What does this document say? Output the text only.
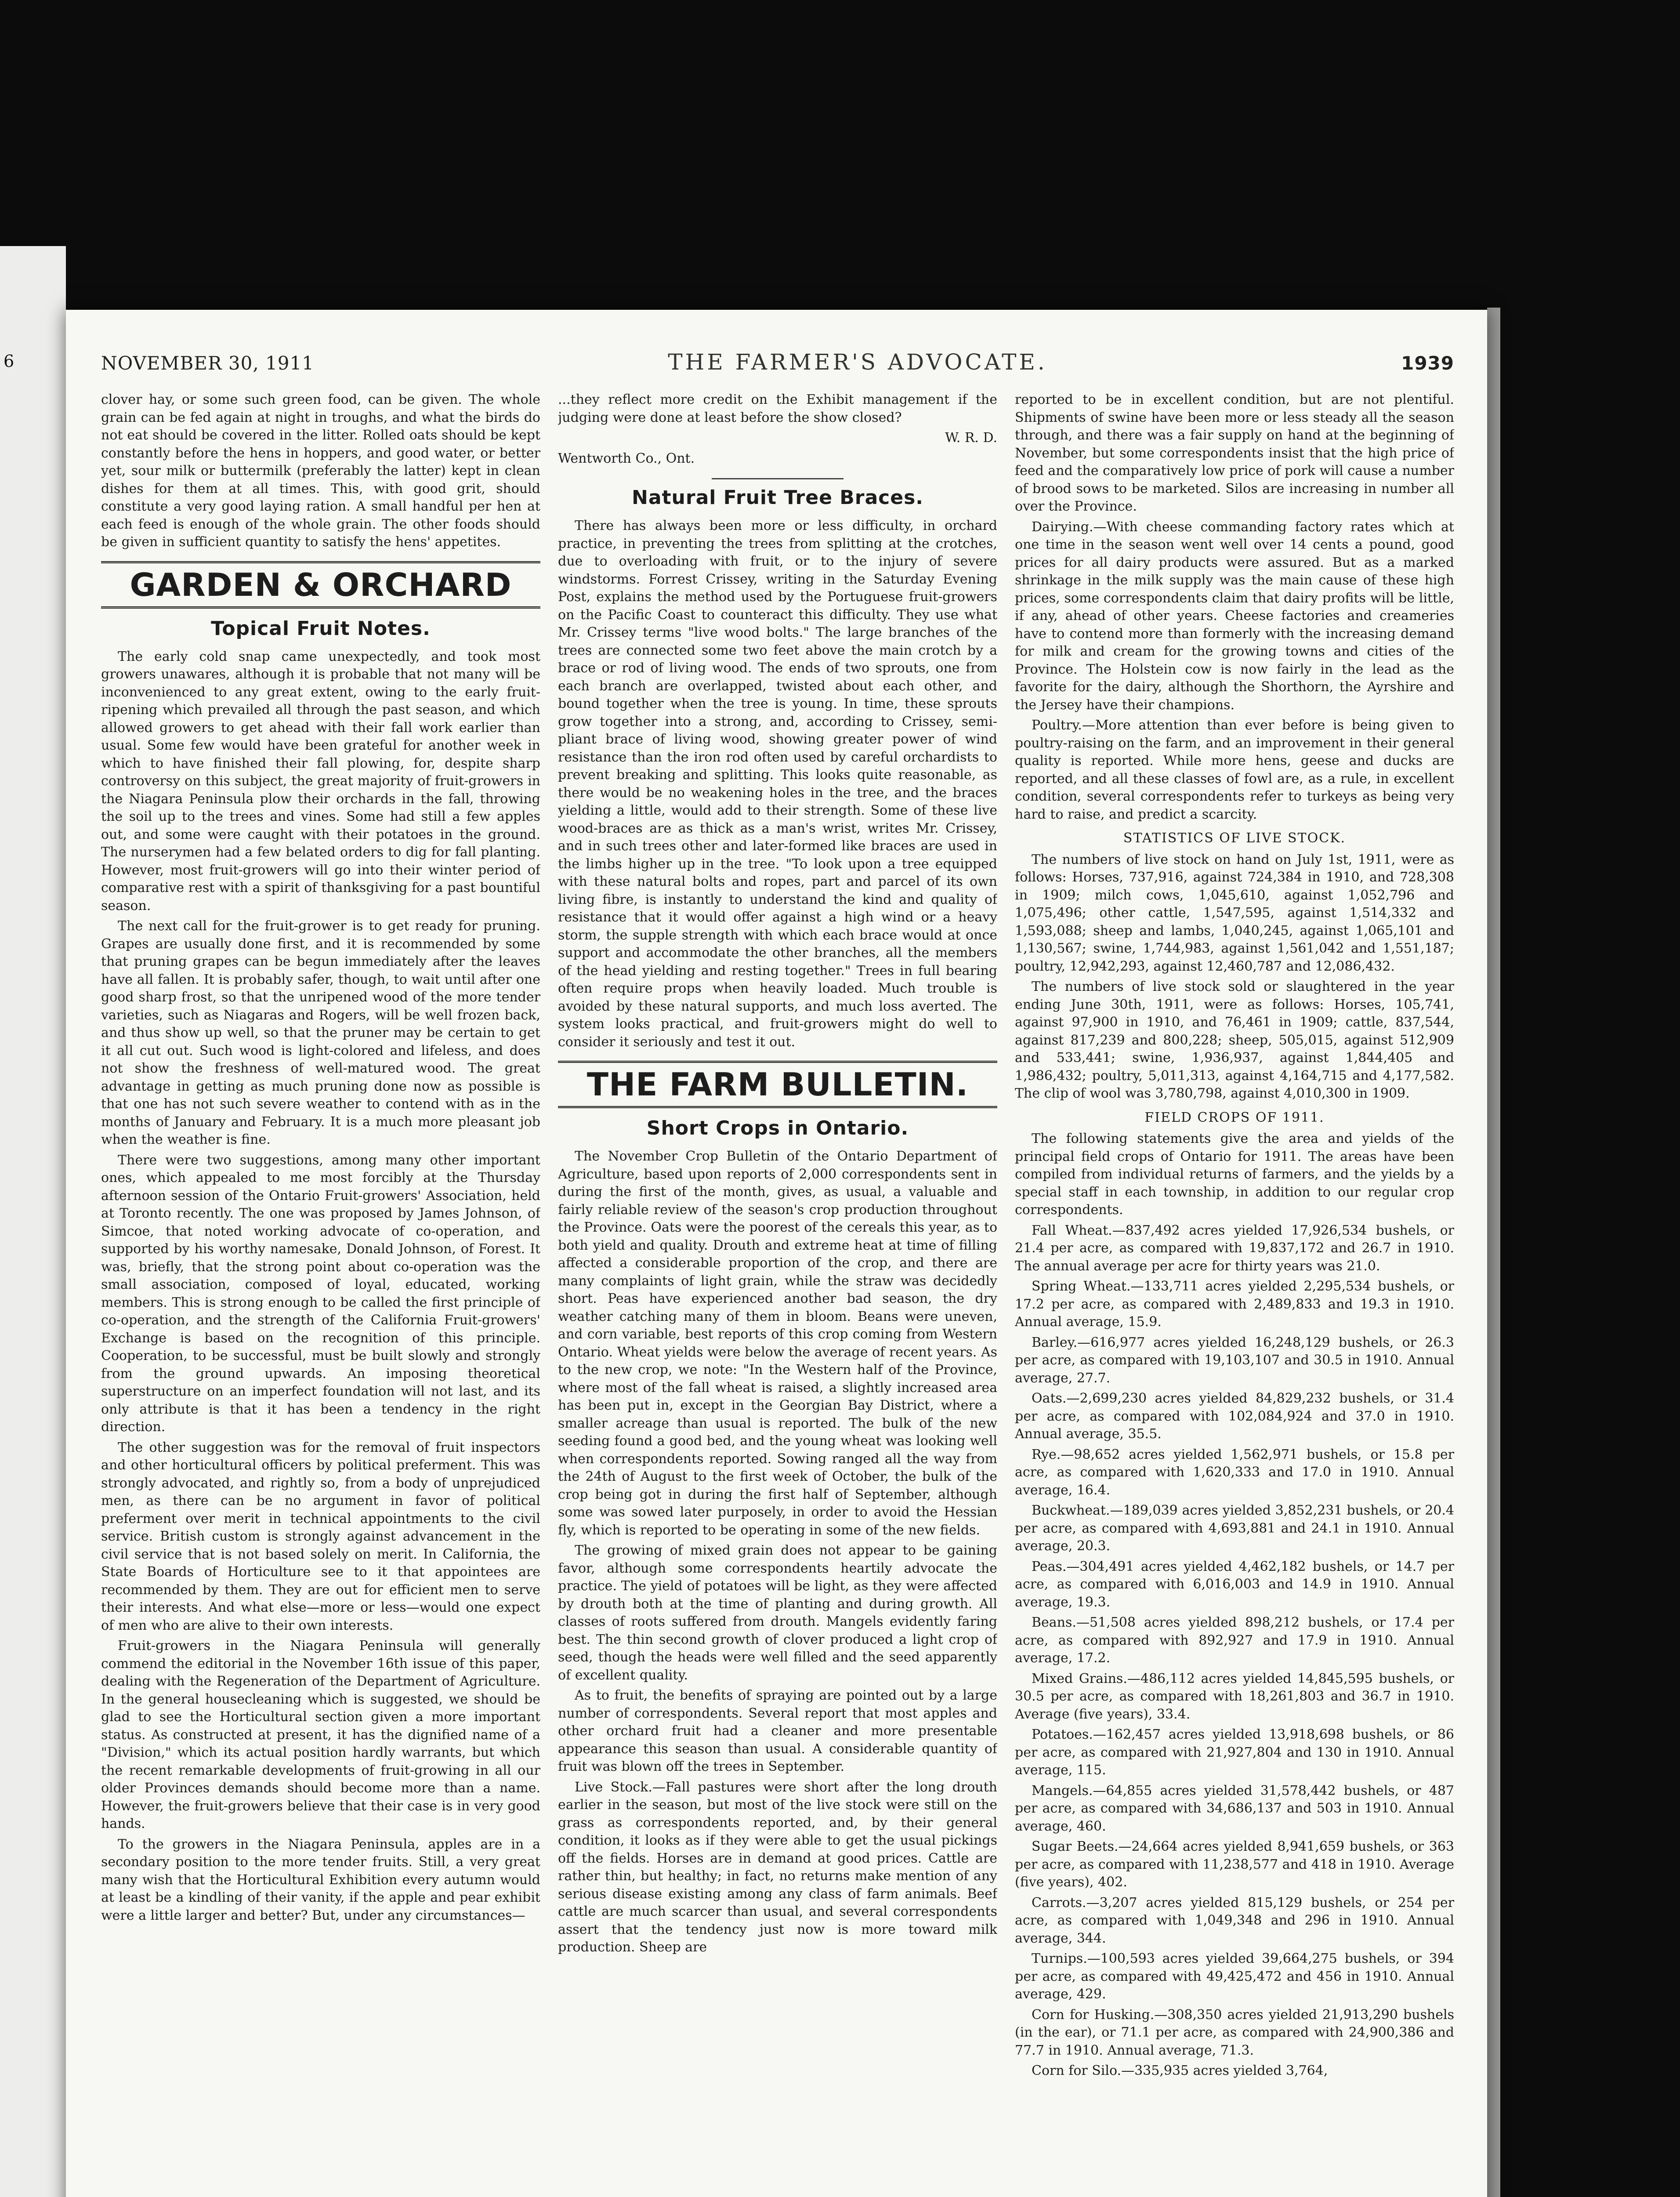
6	NOVEMBER 30, 1911	THE FARMER'S ADVOCATE.	1939

clover hay, or some such green food, can be given. The whole grain can be fed again at night in troughs, and what the birds do not eat should be covered in the litter. Rolled oats should be kept constantly before the hens in hoppers, and good water, or better yet, sour milk or buttermilk (preferably the latter) kept in clean dishes for them at all times. This, with good grit, should constitute a very good laying ration. A small handful per hen at each feed is enough of the whole grain. The other foods should be given in sufficient quantity to satisfy the hens' appetites.

GARDEN & ORCHARD
Topical Fruit Notes.

The early cold snap came unexpectedly, and took most growers unawares, although it is probable that not many will be inconvenienced to any great extent, owing to the early fruit-ripening which prevailed all through the past season, and which allowed growers to get ahead with their fall work earlier than usual. Some few would have been grateful for another week in which to have finished their fall plowing, for, despite sharp controversy on this subject, the great majority of fruit-growers in the Niagara Peninsula plow their orchards in the fall, throwing the soil up to the trees and vines. Some had still a few apples out, and some were caught with their potatoes in the ground. The nurserymen had a few belated orders to dig for fall planting. However, most fruit-growers will go into their winter period of comparative rest with a spirit of thanksgiving for a past bountiful season.

The next call for the fruit-grower is to get ready for pruning. Grapes are usually done first, and it is recommended by some that pruning grapes can be begun immediately after the leaves have all fallen. It is probably safer, though, to wait until after one good sharp frost, so that the unripened wood of the more tender varieties, such as Niagaras and Rogers, will be well frozen back, and thus show up well, so that the pruner may be certain to get it all cut out. Such wood is light-colored and lifeless, and does not show the freshness of well-matured wood. The great advantage in getting as much pruning done now as possible is that one has not such severe weather to contend with as in the months of January and February. It is a much more pleasant job when the weather is fine.

There were two suggestions, among many other important ones, which appealed to me most forcibly at the Thursday afternoon session of the Ontario Fruit-growers' Association, held at Toronto recently. The one was proposed by James Johnson, of Simcoe, that noted working advocate of co-operation, and supported by his worthy namesake, Donald Johnson, of Forest. It was, briefly, that the strong point about co-operation was the small association, composed of loyal, educated, working members. This is strong enough to be called the first principle of co-operation, and the strength of the California Fruit-growers' Exchange is based on the recognition of this principle. Cooperation, to be successful, must be built slowly and strongly from the ground upwards. An imposing theoretical superstructure on an imperfect foundation will not last, and its only attribute is that it has been a tendency in the right direction.

The other suggestion was for the removal of fruit inspectors and other horticultural officers by political preferment. This was strongly advocated, and rightly so, from a body of unprejudiced men, as there can be no argument in favor of political preferment over merit in technical appointments to the civil service. British custom is strongly against advancement in the civil service that is not based solely on merit. In California, the State Boards of Horticulture see to it that appointees are recommended by them. They are out for efficient men to serve their interests. And what else—more or less—would one expect of men who are alive to their own interests.

Fruit-growers in the Niagara Peninsula will generally commend the editorial in the November 16th issue of this paper, dealing with the Regeneration of the Department of Agriculture. In the general housecleaning which is suggested, we should be glad to see the Horticultural section given a more important status. As constructed at present, it has the dignified name of a "Division," which its actual position hardly warrants, but which the recent remarkable developments of fruit-growing in all our older Provinces demands should become more than a name. However, the fruit-growers believe that their case is in very good hands.

To the growers in the Niagara Peninsula, apples are in a secondary position to the more tender fruits. Still, a very great many wish that the Horticultural Exhibition every autumn would at least be a kindling of their vanity, if the apple and pear exhibit were a little larger and better? But, under any circumstances—

...they reflect more credit on the Exhibit management if the judging were done at least before the show closed?

W. R. D.

Wentworth Co., Ont.

Natural Fruit Tree Braces.

There has always been more or less difficulty, in orchard practice, in preventing the trees from splitting at the crotches, due to overloading with fruit, or to the injury of severe windstorms. Forrest Crissey, writing in the Saturday Evening Post, explains the method used by the Portuguese fruit-growers on the Pacific Coast to counteract this difficulty. They use what Mr. Crissey terms "live wood bolts." The large branches of the trees are connected some two feet above the main crotch by a brace or rod of living wood. The ends of two sprouts, one from each branch are overlapped, twisted about each other, and bound together when the tree is young. In time, these sprouts grow together into a strong, and, according to Crissey, semi-pliant brace of living wood, showing greater power of wind resistance than the iron rod often used by careful orchardists to prevent breaking and splitting. This looks quite reasonable, as there would be no weakening holes in the tree, and the braces yielding a little, would add to their strength. Some of these live wood-braces are as thick as a man's wrist, writes Mr. Crissey, and in such trees other and later-formed like braces are used in the limbs higher up in the tree. "To look upon a tree equipped with these natural bolts and ropes, part and parcel of its own living fibre, is instantly to understand the kind and quality of resistance that it would offer against a high wind or a heavy storm, the supple strength with which each brace would at once support and accommodate the other branches, all the members of the head yielding and resting together." Trees in full bearing often require props when heavily loaded. Much trouble is avoided by these natural supports, and much loss averted. The system looks practical, and fruit-growers might do well to consider it seriously and test it out.

THE FARM BULLETIN.
Short Crops in Ontario.

The November Crop Bulletin of the Ontario Department of Agriculture, based upon reports of 2,000 correspondents sent in during the first of the month, gives, as usual, a valuable and fairly reliable review of the season's crop production throughout the Province. Oats were the poorest of the cereals this year, as to both yield and quality. Drouth and extreme heat at time of filling affected a considerable proportion of the crop, and there are many complaints of light grain, while the straw was decidedly short. Peas have experienced another bad season, the dry weather catching many of them in bloom. Beans were uneven, and corn variable, best reports of this crop coming from Western Ontario. Wheat yields were below the average of recent years. As to the new crop, we note: "In the Western half of the Province, where most of the fall wheat is raised, a slightly increased area has been put in, except in the Georgian Bay District, where a smaller acreage than usual is reported. The bulk of the new seeding found a good bed, and the young wheat was looking well when correspondents reported. Sowing ranged all the way from the 24th of August to the first week of October, the bulk of the crop being got in during the first half of September, although some was sowed later purposely, in order to avoid the Hessian fly, which is reported to be operating in some of the new fields.

The growing of mixed grain does not appear to be gaining favor, although some correspondents heartily advocate the practice. The yield of potatoes will be light, as they were affected by drouth both at the time of planting and during growth. All classes of roots suffered from drouth. Mangels evidently faring best. The thin second growth of clover produced a light crop of seed, though the heads were well filled and the seed apparently of excellent quality.

As to fruit, the benefits of spraying are pointed out by a large number of correspondents. Several report that most apples and other orchard fruit had a cleaner and more presentable appearance this season than usual. A considerable quantity of fruit was blown off the trees in September.

Live Stock.—Fall pastures were short after the long drouth earlier in the season, but most of the live stock were still on the grass as correspondents reported, and, by their general condition, it looks as if they were able to get the usual pickings off the fields. Horses are in demand at good prices. Cattle are rather thin, but healthy; in fact, no returns make mention of any serious disease existing among any class of farm animals. Beef cattle are much scarcer than usual, and several correspondents assert that the tendency just now is more toward milk production. Sheep are

reported to be in excellent condition, but are not plentiful. Shipments of swine have been more or less steady all the season through, and there was a fair supply on hand at the beginning of November, but some correspondents insist that the high price of feed and the comparatively low price of pork will cause a number of brood sows to be marketed. Silos are increasing in number all over the Province.

Dairying.—With cheese commanding factory rates which at one time in the season went well over 14 cents a pound, good prices for all dairy products were assured. But as a marked shrinkage in the milk supply was the main cause of these high prices, some correspondents claim that dairy profits will be little, if any, ahead of other years. Cheese factories and creameries have to contend more than formerly with the increasing demand for milk and cream for the growing towns and cities of the Province. The Holstein cow is now fairly in the lead as the favorite for the dairy, although the Shorthorn, the Ayrshire and the Jersey have their champions.

Poultry.—More attention than ever before is being given to poultry-raising on the farm, and an improvement in their general quality is reported. While more hens, geese and ducks are reported, and all these classes of fowl are, as a rule, in excellent condition, several correspondents refer to turkeys as being very hard to raise, and predict a scarcity.

STATISTICS OF LIVE STOCK.

The numbers of live stock on hand on July 1st, 1911, were as follows: Horses, 737,916, against 724,384 in 1910, and 728,308 in 1909; milch cows, 1,045,610, against 1,052,796 and 1,075,496; other cattle, 1,547,595, against 1,514,332 and 1,593,088; sheep and lambs, 1,040,245, against 1,065,101 and 1,130,567; swine, 1,744,983, against 1,561,042 and 1,551,187; poultry, 12,942,293, against 12,460,787 and 12,086,432.

The numbers of live stock sold or slaughtered in the year ending June 30th, 1911, were as follows: Horses, 105,741, against 97,900 in 1910, and 76,461 in 1909; cattle, 837,544, against 817,239 and 800,228; sheep, 505,015, against 512,909 and 533,441; swine, 1,936,937, against 1,844,405 and 1,986,432; poultry, 5,011,313, against 4,164,715 and 4,177,582. The clip of wool was 3,780,798, against 4,010,300 in 1909.

FIELD CROPS OF 1911.

The following statements give the area and yields of the principal field crops of Ontario for 1911. The areas have been compiled from individual returns of farmers, and the yields by a special staff in each township, in addition to our regular crop correspondents.

Fall Wheat.—837,492 acres yielded 17,926,534 bushels, or 21.4 per acre, as compared with 19,837,172 and 26.7 in 1910. The annual average per acre for thirty years was 21.0.

Spring Wheat.—133,711 acres yielded 2,295,534 bushels, or 17.2 per acre, as compared with 2,489,833 and 19.3 in 1910. Annual average, 15.9.

Barley.—616,977 acres yielded 16,248,129 bushels, or 26.3 per acre, as compared with 19,103,107 and 30.5 in 1910. Annual average, 27.7.

Oats.—2,699,230 acres yielded 84,829,232 bushels, or 31.4 per acre, as compared with 102,084,924 and 37.0 in 1910. Annual average, 35.5.

Rye.—98,652 acres yielded 1,562,971 bushels, or 15.8 per acre, as compared with 1,620,333 and 17.0 in 1910. Annual average, 16.4.

Buckwheat.—189,039 acres yielded 3,852,231 bushels, or 20.4 per acre, as compared with 4,693,881 and 24.1 in 1910. Annual average, 20.3.

Peas.—304,491 acres yielded 4,462,182 bushels, or 14.7 per acre, as compared with 6,016,003 and 14.9 in 1910. Annual average, 19.3.

Beans.—51,508 acres yielded 898,212 bushels, or 17.4 per acre, as compared with 892,927 and 17.9 in 1910. Annual average, 17.2.

Mixed Grains.—486,112 acres yielded 14,845,595 bushels, or 30.5 per acre, as compared with 18,261,803 and 36.7 in 1910. Average (five years), 33.4.

Potatoes.—162,457 acres yielded 13,918,698 bushels, or 86 per acre, as compared with 21,927,804 and 130 in 1910. Annual average, 115.

Mangels.—64,855 acres yielded 31,578,442 bushels, or 487 per acre, as compared with 34,686,137 and 503 in 1910. Annual average, 460.

Sugar Beets.—24,664 acres yielded 8,941,659 bushels, or 363 per acre, as compared with 11,238,577 and 418 in 1910. Average (five years), 402.

Carrots.—3,207 acres yielded 815,129 bushels, or 254 per acre, as compared with 1,049,348 and 296 in 1910. Annual average, 344.

Turnips.—100,593 acres yielded 39,664,275 bushels, or 394 per acre, as compared with 49,425,472 and 456 in 1910. Annual average, 429.

Corn for Husking.—308,350 acres yielded 21,913,290 bushels (in the ear), or 71.1 per acre, as compared with 24,900,386 and 77.7 in 1910. Annual average, 71.3.

Corn for Silo.—335,935 acres yielded 3,764,
